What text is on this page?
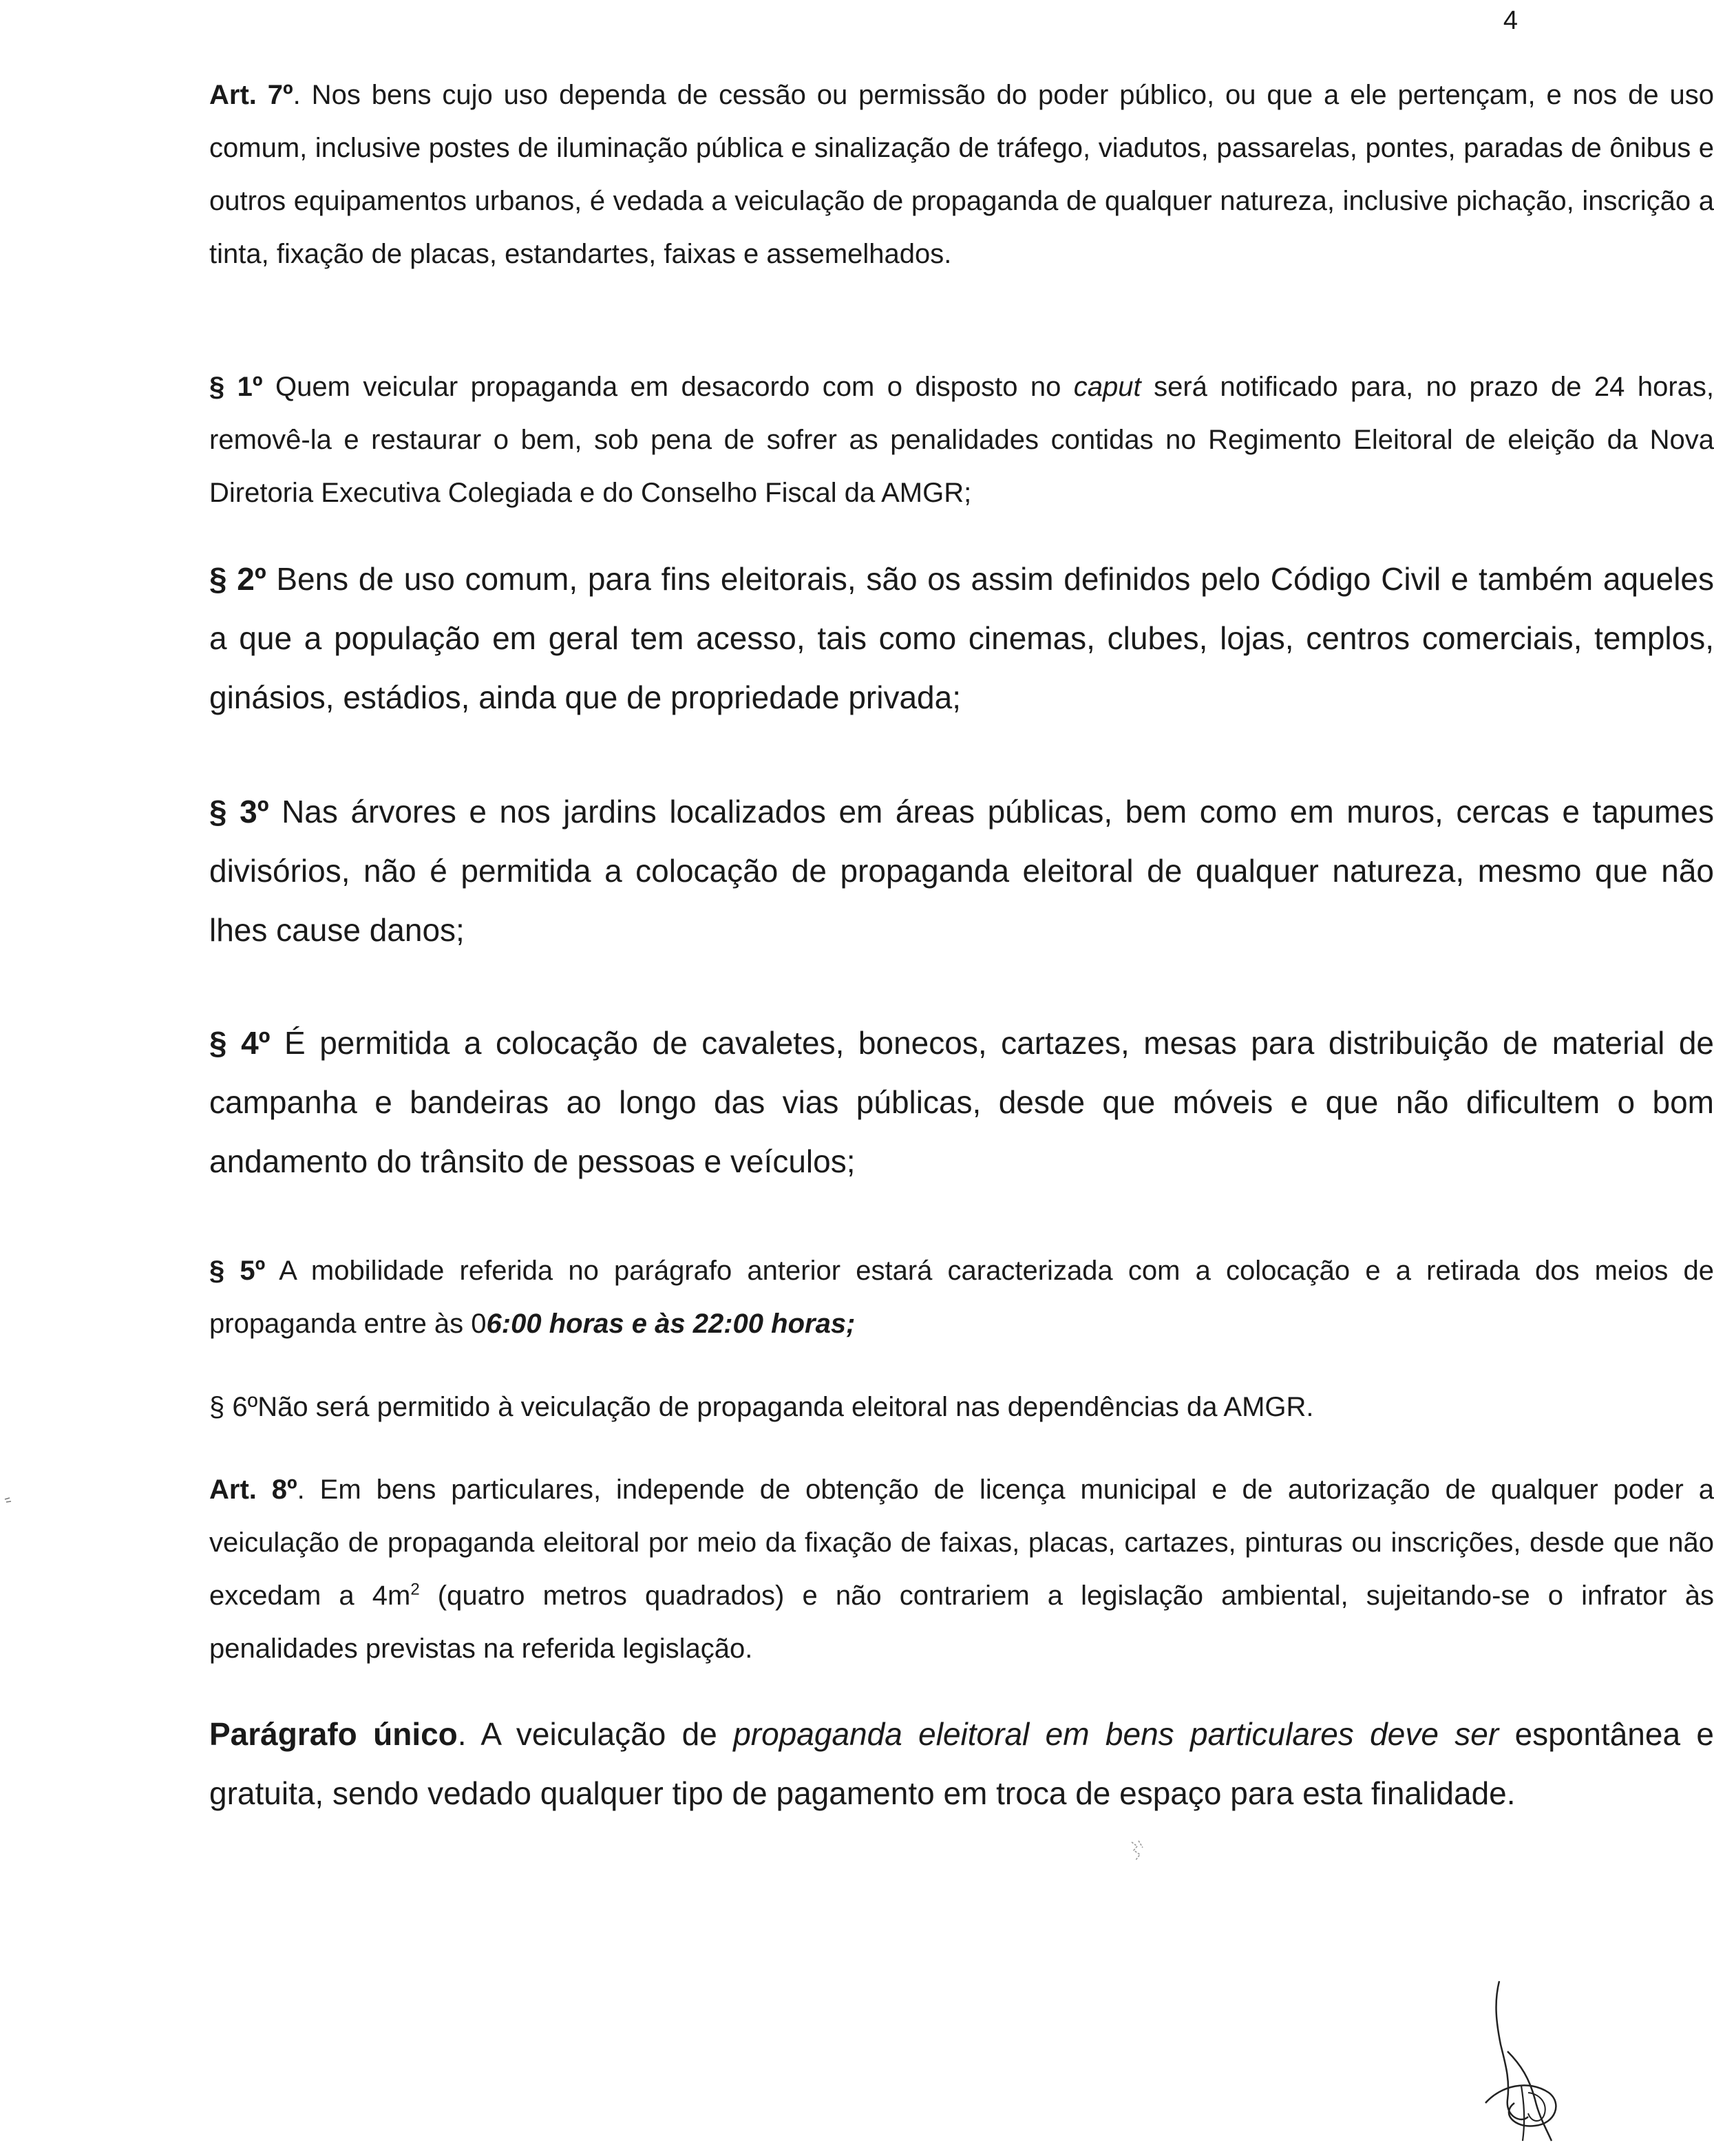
4

Art. 7º. Nos bens cujo uso dependa de cessão ou permissão do poder público, ou que a ele pertençam, e nos de uso comum, inclusive postes de iluminação pública e sinalização de tráfego, viadutos, passarelas, pontes, paradas de ônibus e outros equipamentos urbanos, é vedada a veiculação de propaganda de qualquer natureza, inclusive pichação, inscrição a tinta, fixação de placas, estandartes, faixas e assemelhados.

§ 1º Quem veicular propaganda em desacordo com o disposto no caput será notificado para, no prazo de 24 horas, removê-la e restaurar o bem, sob pena de sofrer as penalidades contidas no Regimento Eleitoral de eleição da Nova Diretoria Executiva Colegiada e do Conselho Fiscal da AMGR;

§ 2º Bens de uso comum, para fins eleitorais, são os assim definidos pelo Código Civil e também aqueles a que a população em geral tem acesso, tais como cinemas, clubes, lojas, centros comerciais, templos, ginásios, estádios, ainda que de propriedade privada;

§ 3º Nas árvores e nos jardins localizados em áreas públicas, bem como em muros, cercas e tapumes divisórios, não é permitida a colocação de propaganda eleitoral de qualquer natureza, mesmo que não lhes cause danos;

§ 4º É permitida a colocação de cavaletes, bonecos, cartazes, mesas para distribuição de material de campanha e bandeiras ao longo das vias públicas, desde que móveis e que não dificultem o bom andamento do trânsito de pessoas e veículos;

§ 5º A mobilidade referida no parágrafo anterior estará caracterizada com a colocação e a retirada dos meios de propaganda entre às 06:00 horas e às 22:00 horas;

§ 6ºNão será permitido à veiculação de propaganda eleitoral nas dependências da AMGR.

Art. 8º. Em bens particulares, independe de obtenção de licença municipal e de autorização de qualquer poder a veiculação de propaganda eleitoral por meio da fixação de faixas, placas, cartazes, pinturas ou inscrições, desde que não excedam a $4m^2$ (quatro metros quadrados) e não contrariem a legislação ambiental, sujeitando-se o infrator às penalidades previstas na referida legislação.

Parágrafo único. A veiculação de propaganda eleitoral em bens particulares deve ser espontânea e gratuita, sendo vedado qualquer tipo de pagamento em troca de espaço para esta finalidade.
